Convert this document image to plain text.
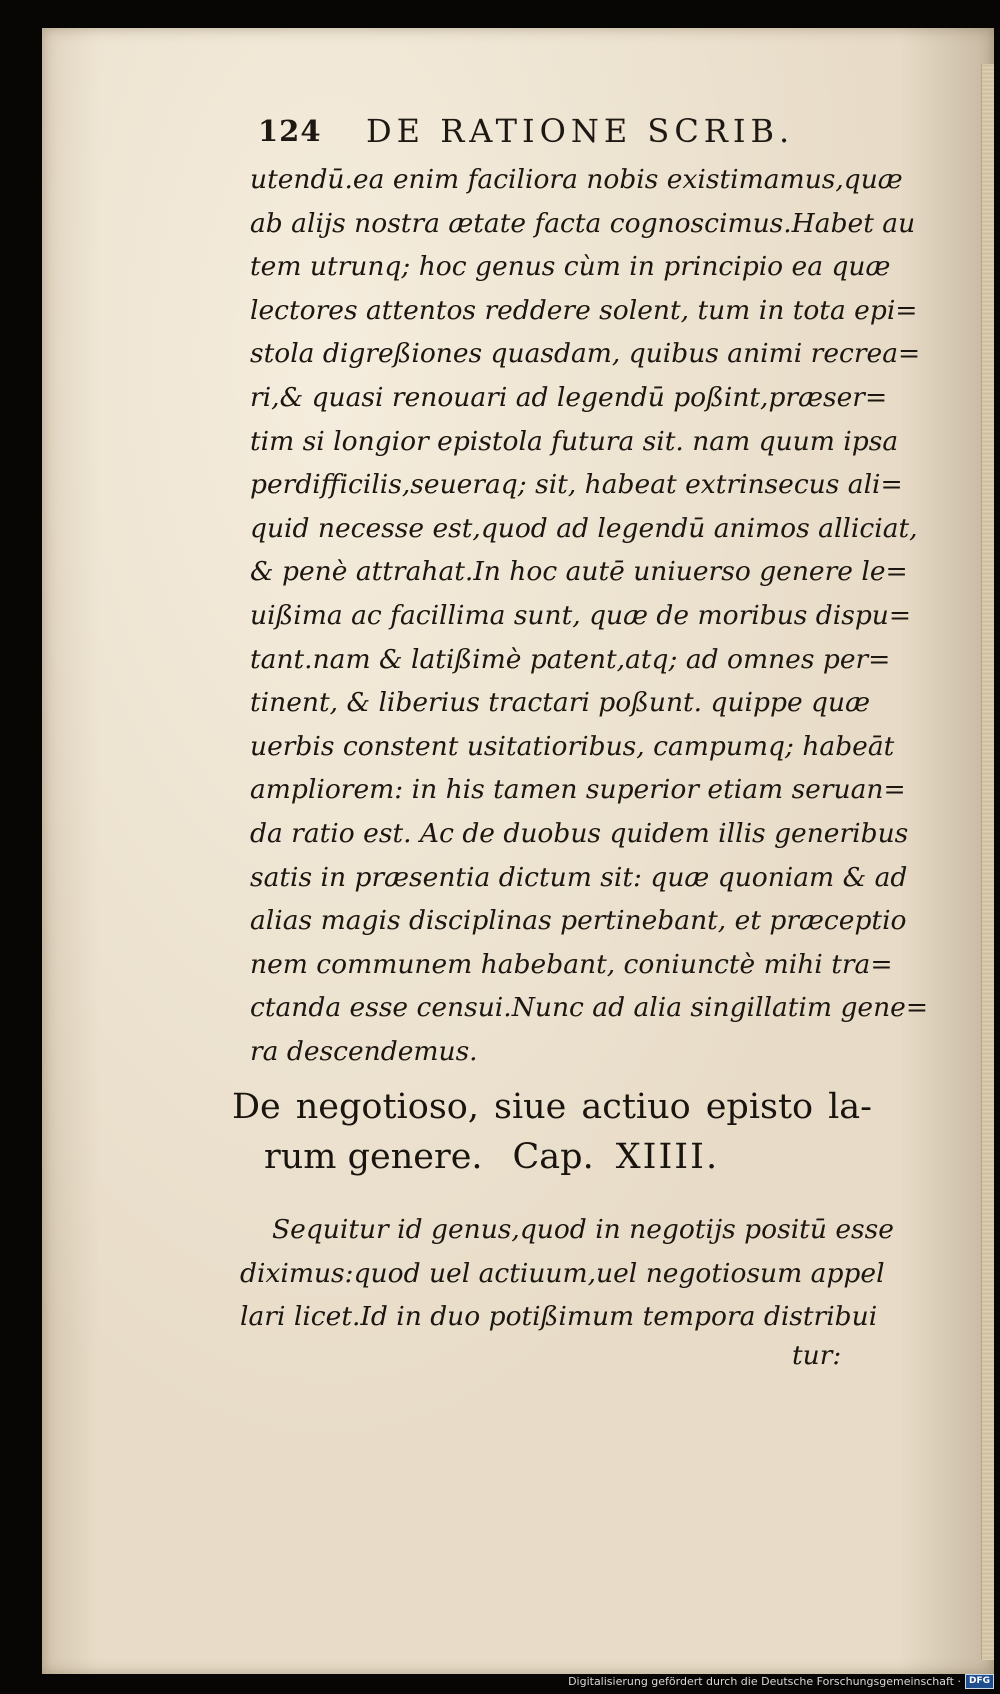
124 DE RATIONE SCRIB.
utendū.ea enim faciliora nobis existimamus,quæ
ab alijs nostra ætate facta cognoscimus.Habet au
tem utrunq; hoc genus cùm in principio ea quæ
lectores attentos reddere solent, tum in tota epi=
stola digreßiones quasdam, quibus animi recrea=
ri,& quasi renouari ad legendū poßint,præser=
tim si longior epistola futura sit. nam quum ipsa
perdifficilis,seueraq; sit, habeat extrinsecus ali=
quid necesse est,quod ad legendū animos alliciat,
& penè attrahat.In hoc autē uniuerso genere le=
uißima ac facillima sunt, quæ de moribus dispu=
tant.nam & latißimè patent,atq; ad omnes per=
tinent, & liberius tractari poßunt. quippe quæ
uerbis constent usitatioribus, campumq; habeāt
ampliorem: in his tamen superior etiam seruan=
da ratio est. Ac de duobus quidem illis generibus
satis in præsentia dictum sit: quæ quoniam & ad
alias magis disciplinas pertinebant, et præceptio
nem communem habebant, coniunctè mihi tra=
ctanda esse censui.Nunc ad alia singillatim gene=
ra descendemus.
De negotioso, siue actiuo episto la-
rum genere. Cap. XIIII.
Sequitur id genus,quod in negotijs positū esse
diximus:quod uel actiuum,uel negotiosum appel
lari licet.Id in duo potißimum tempora distribui
tur:
Digitalisierung gefördert durch die Deutsche Forschungsgemeinschaft · DFG
